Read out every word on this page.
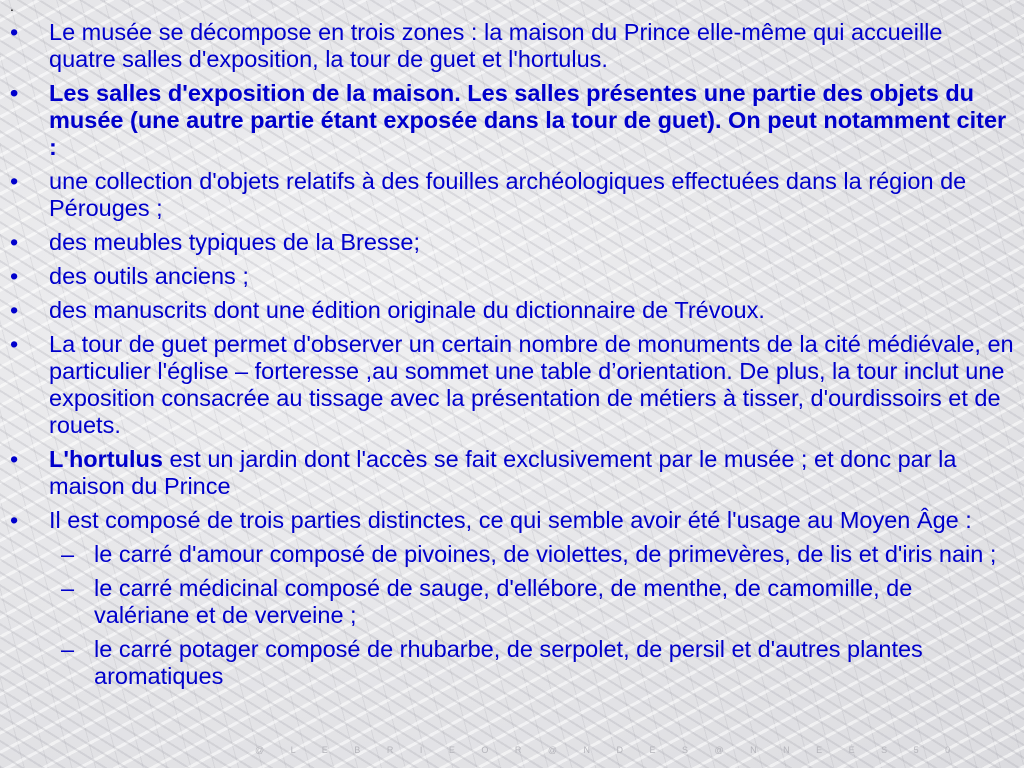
.
• Le musée se décompose en trois zones : la maison du Prince elle-même qui accueille quatre salles d'exposition, la tour de guet et l'hortulus.
• Les salles d'exposition de la maison. Les salles présentes une partie des objets du musée (une autre partie étant exposée dans la tour de guet). On peut notamment citer :
• une collection d'objets relatifs à des fouilles archéologiques effectuées dans la région de Pérouges ;
• des meubles typiques de la Bresse;
• des outils anciens ;
• des manuscrits dont une édition originale du dictionnaire de Trévoux.
• La tour de guet permet d'observer un certain nombre de monuments de la cité médiévale, en particulier l'église – forteresse ,au sommet une table d’orientation. De plus, la tour inclut une exposition consacrée au tissage avec la présentation de métiers à tisser, d'ourdissoirs et de rouets.
• L'hortulus est un jardin dont l'accès se fait exclusivement par le musée ; et donc par la maison du Prince
• Il est composé de trois parties distinctes, ce qui semble avoir été l'usage au Moyen Âge :
– le carré d'amour composé de pivoines, de violettes, de primevères, de lis et d'iris nain ;
– le carré médicinal composé de sauge, d'ellébore, de menthe, de camomille, de valériane et de verveine ;
– le carré potager composé de rhubarbe, de serpolet, de persil et d'autres plantes aromatiques
@ L E B R I E O R @ N D E S @ N N E E S 5 0
